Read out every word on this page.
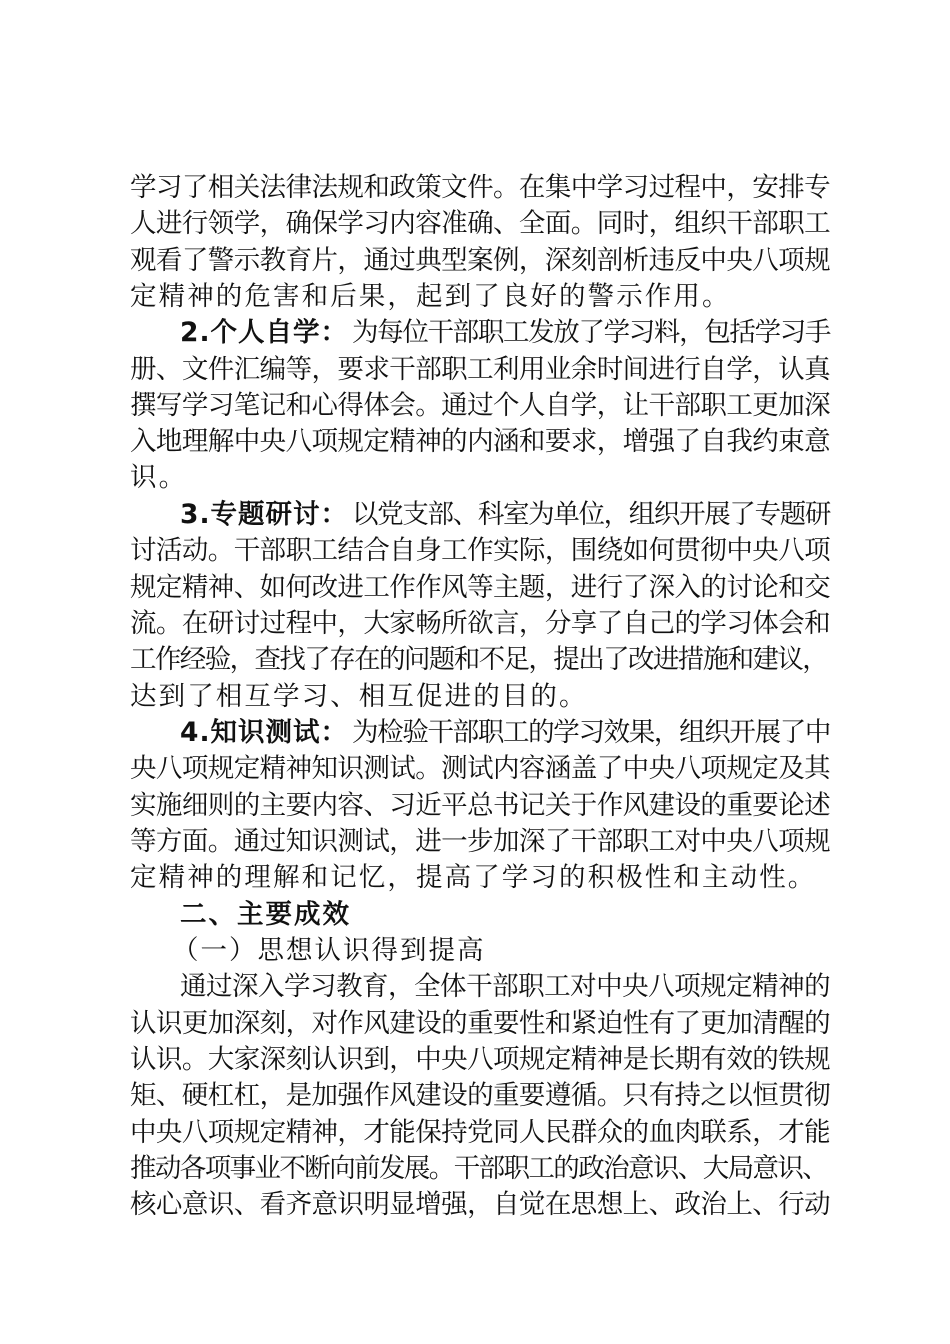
学习了相关法律法规和政策文件。在集中学习过程中，安排专
人进行领学，确保学习内容准确、全面。同时，组织干部职工
观看了警示教育片，通过典型案例，深刻剖析违反中央八项规
定精神的危害和后果，起到了良好的警示作用。
2.个人自学： 为每位干部职工发放了学习料，包括学习手
册、文件汇编等，要求干部职工利用业余时间进行自学，认真
撰写学习笔记和心得体会。通过个人自学，让干部职工更加深
入地理解中央八项规定精神的内涵和要求，增强了自我约束意
识。
3.专题研讨： 以党支部、科室为单位，组织开展了专题研
讨活动。干部职工结合自身工作实际，围绕如何贯彻中央八项
规定精神、如何改进工作作风等主题，进行了深入的讨论和交
流。在研讨过程中，大家畅所欲言，分享了自己的学习体会和
工作经验，查找了存在的问题和不足，提出了改进措施和建议，
达到了相互学习、相互促进的目的。
4.知识测试： 为检验干部职工的学习效果，组织开展了中
央八项规定精神知识测试。测试内容涵盖了中央八项规定及其
实施细则的主要内容、习近平总书记关于作风建设的重要论述
等方面。通过知识测试，进一步加深了干部职工对中央八项规
定精神的理解和记忆，提高了学习的积极性和主动性。
二、主要成效
（一）思想认识得到提高
通过深入学习教育，全体干部职工对中央八项规定精神的
认识更加深刻，对作风建设的重要性和紧迫性有了更加清醒的
认识。大家深刻认识到，中央八项规定精神是长期有效的铁规
矩、硬杠杠，是加强作风建设的重要遵循。只有持之以恒贯彻
中央八项规定精神，才能保持党同人民群众的血肉联系，才能
推动各项事业不断向前发展。干部职工的政治意识、大局意识、
核心意识、看齐意识明显增强，自觉在思想上、政治上、行动
